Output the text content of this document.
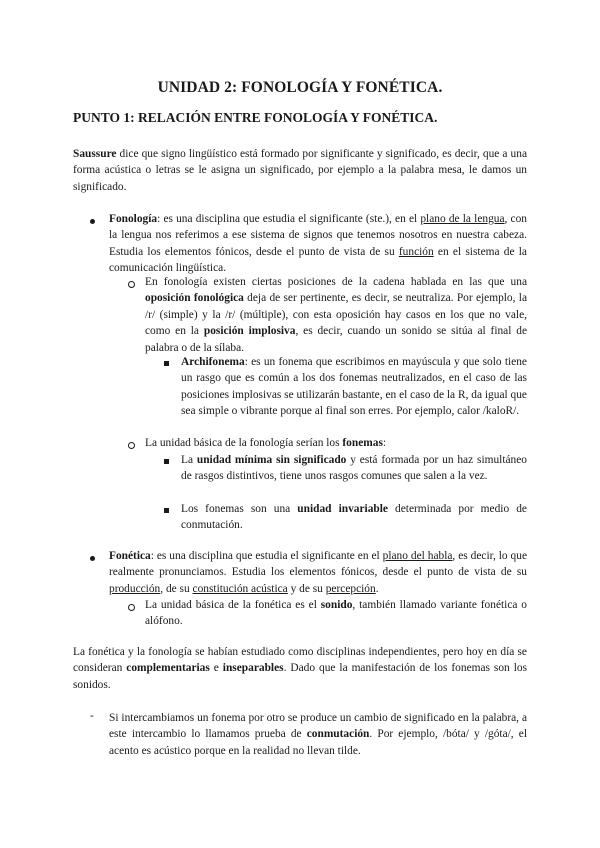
UNIDAD 2: FONOLOGÍA Y FONÉTICA.
PUNTO 1: RELACIÓN ENTRE FONOLOGÍA Y FONÉTICA.

Saussure dice que signo lingüístico está formado por significante y significado, es decir, que a una forma acústica o letras se le asigna un significado, por ejemplo a la palabra mesa, le damos un significado.

Fonología: es una disciplina que estudia el significante (ste.), en el plano de la lengua, con la lengua nos referimos a ese sistema de signos que tenemos nosotros en nuestra cabeza. Estudia los elementos fónicos, desde el punto de vista de su función en el sistema de la comunicación lingüística.

En fonología existen ciertas posiciones de la cadena hablada en las que una oposición fonológica deja de ser pertinente, es decir, se neutraliza. Por ejemplo, la /r/ (simple) y la /r/ (múltiple), con esta oposición hay casos en los que no vale, como en la posición implosiva, es decir, cuando un sonido se sitúa al final de palabra o de la sílaba.

Archifonema: es un fonema que escribimos en mayúscula y que solo tiene un rasgo que es común a los dos fonemas neutralizados, en el caso de las posiciones implosivas se utilizarán bastante, en el caso de la R, da igual que sea simple o vibrante porque al final son erres. Por ejemplo, calor /kaloR/.

La unidad básica de la fonología serían los fonemas:

La unidad mínima sin significado y está formada por un haz simultáneo de rasgos distintivos, tiene unos rasgos comunes que salen a la vez.

Los fonemas son una unidad invariable determinada por medio de conmutación.

Fonética: es una disciplina que estudia el significante en el plano del habla, es decir, lo que realmente pronunciamos. Estudia los elementos fónicos, desde el punto de vista de su producción, de su constitución acústica y de su percepción.

La unidad básica de la fonética es el sonido, también llamado variante fonética o alófono.

La fonética y la fonología se habían estudiado como disciplinas independientes, pero hoy en día se consideran complementarias e inseparables. Dado que la manifestación de los fonemas son los sonidos.

- Si intercambiamos un fonema por otro se produce un cambio de significado en la palabra, a este intercambio lo llamamos prueba de conmutación. Por ejemplo, /bóta/ y /góta/, el acento es acústico porque en la realidad no llevan tilde.
